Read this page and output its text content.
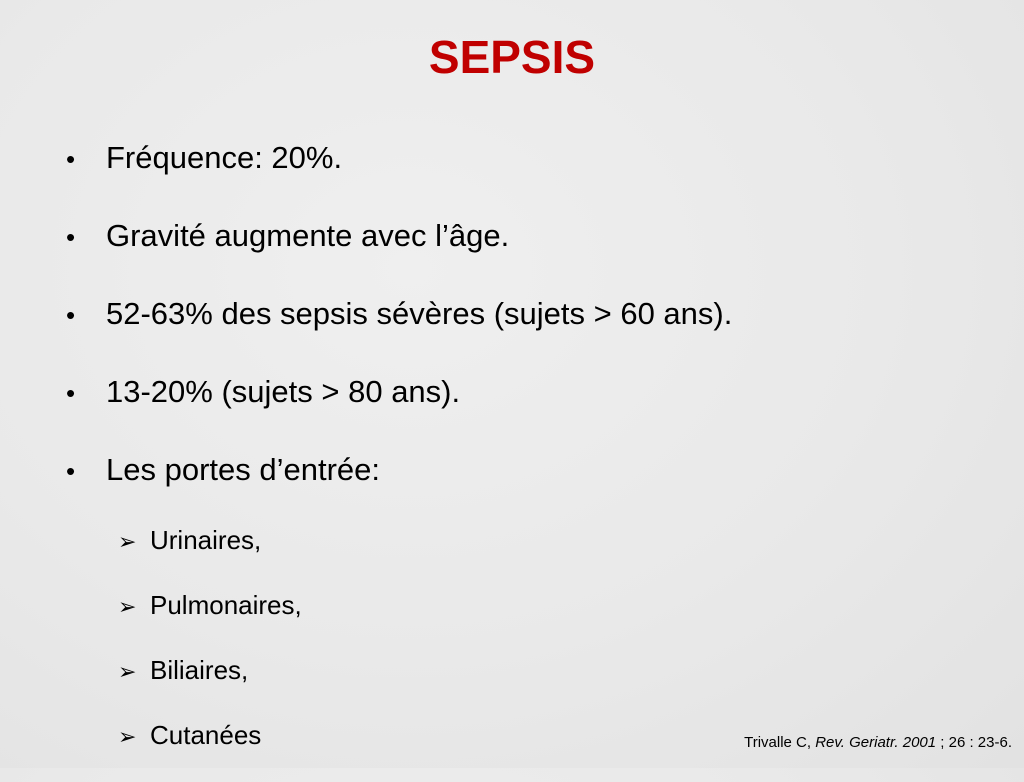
SEPSIS
• Fréquence: 20%.
• Gravité augmente avec l’âge.
• 52-63% des sepsis sévères (sujets > 60 ans).
• 13-20% (sujets > 80 ans).
• Les portes d’entrée:
➢ Urinaires,
➢ Pulmonaires,
➢ Biliaires,
➢ Cutanées	Trivalle C, Rev. Geriatr. 2001 ; 26 : 23-6.
